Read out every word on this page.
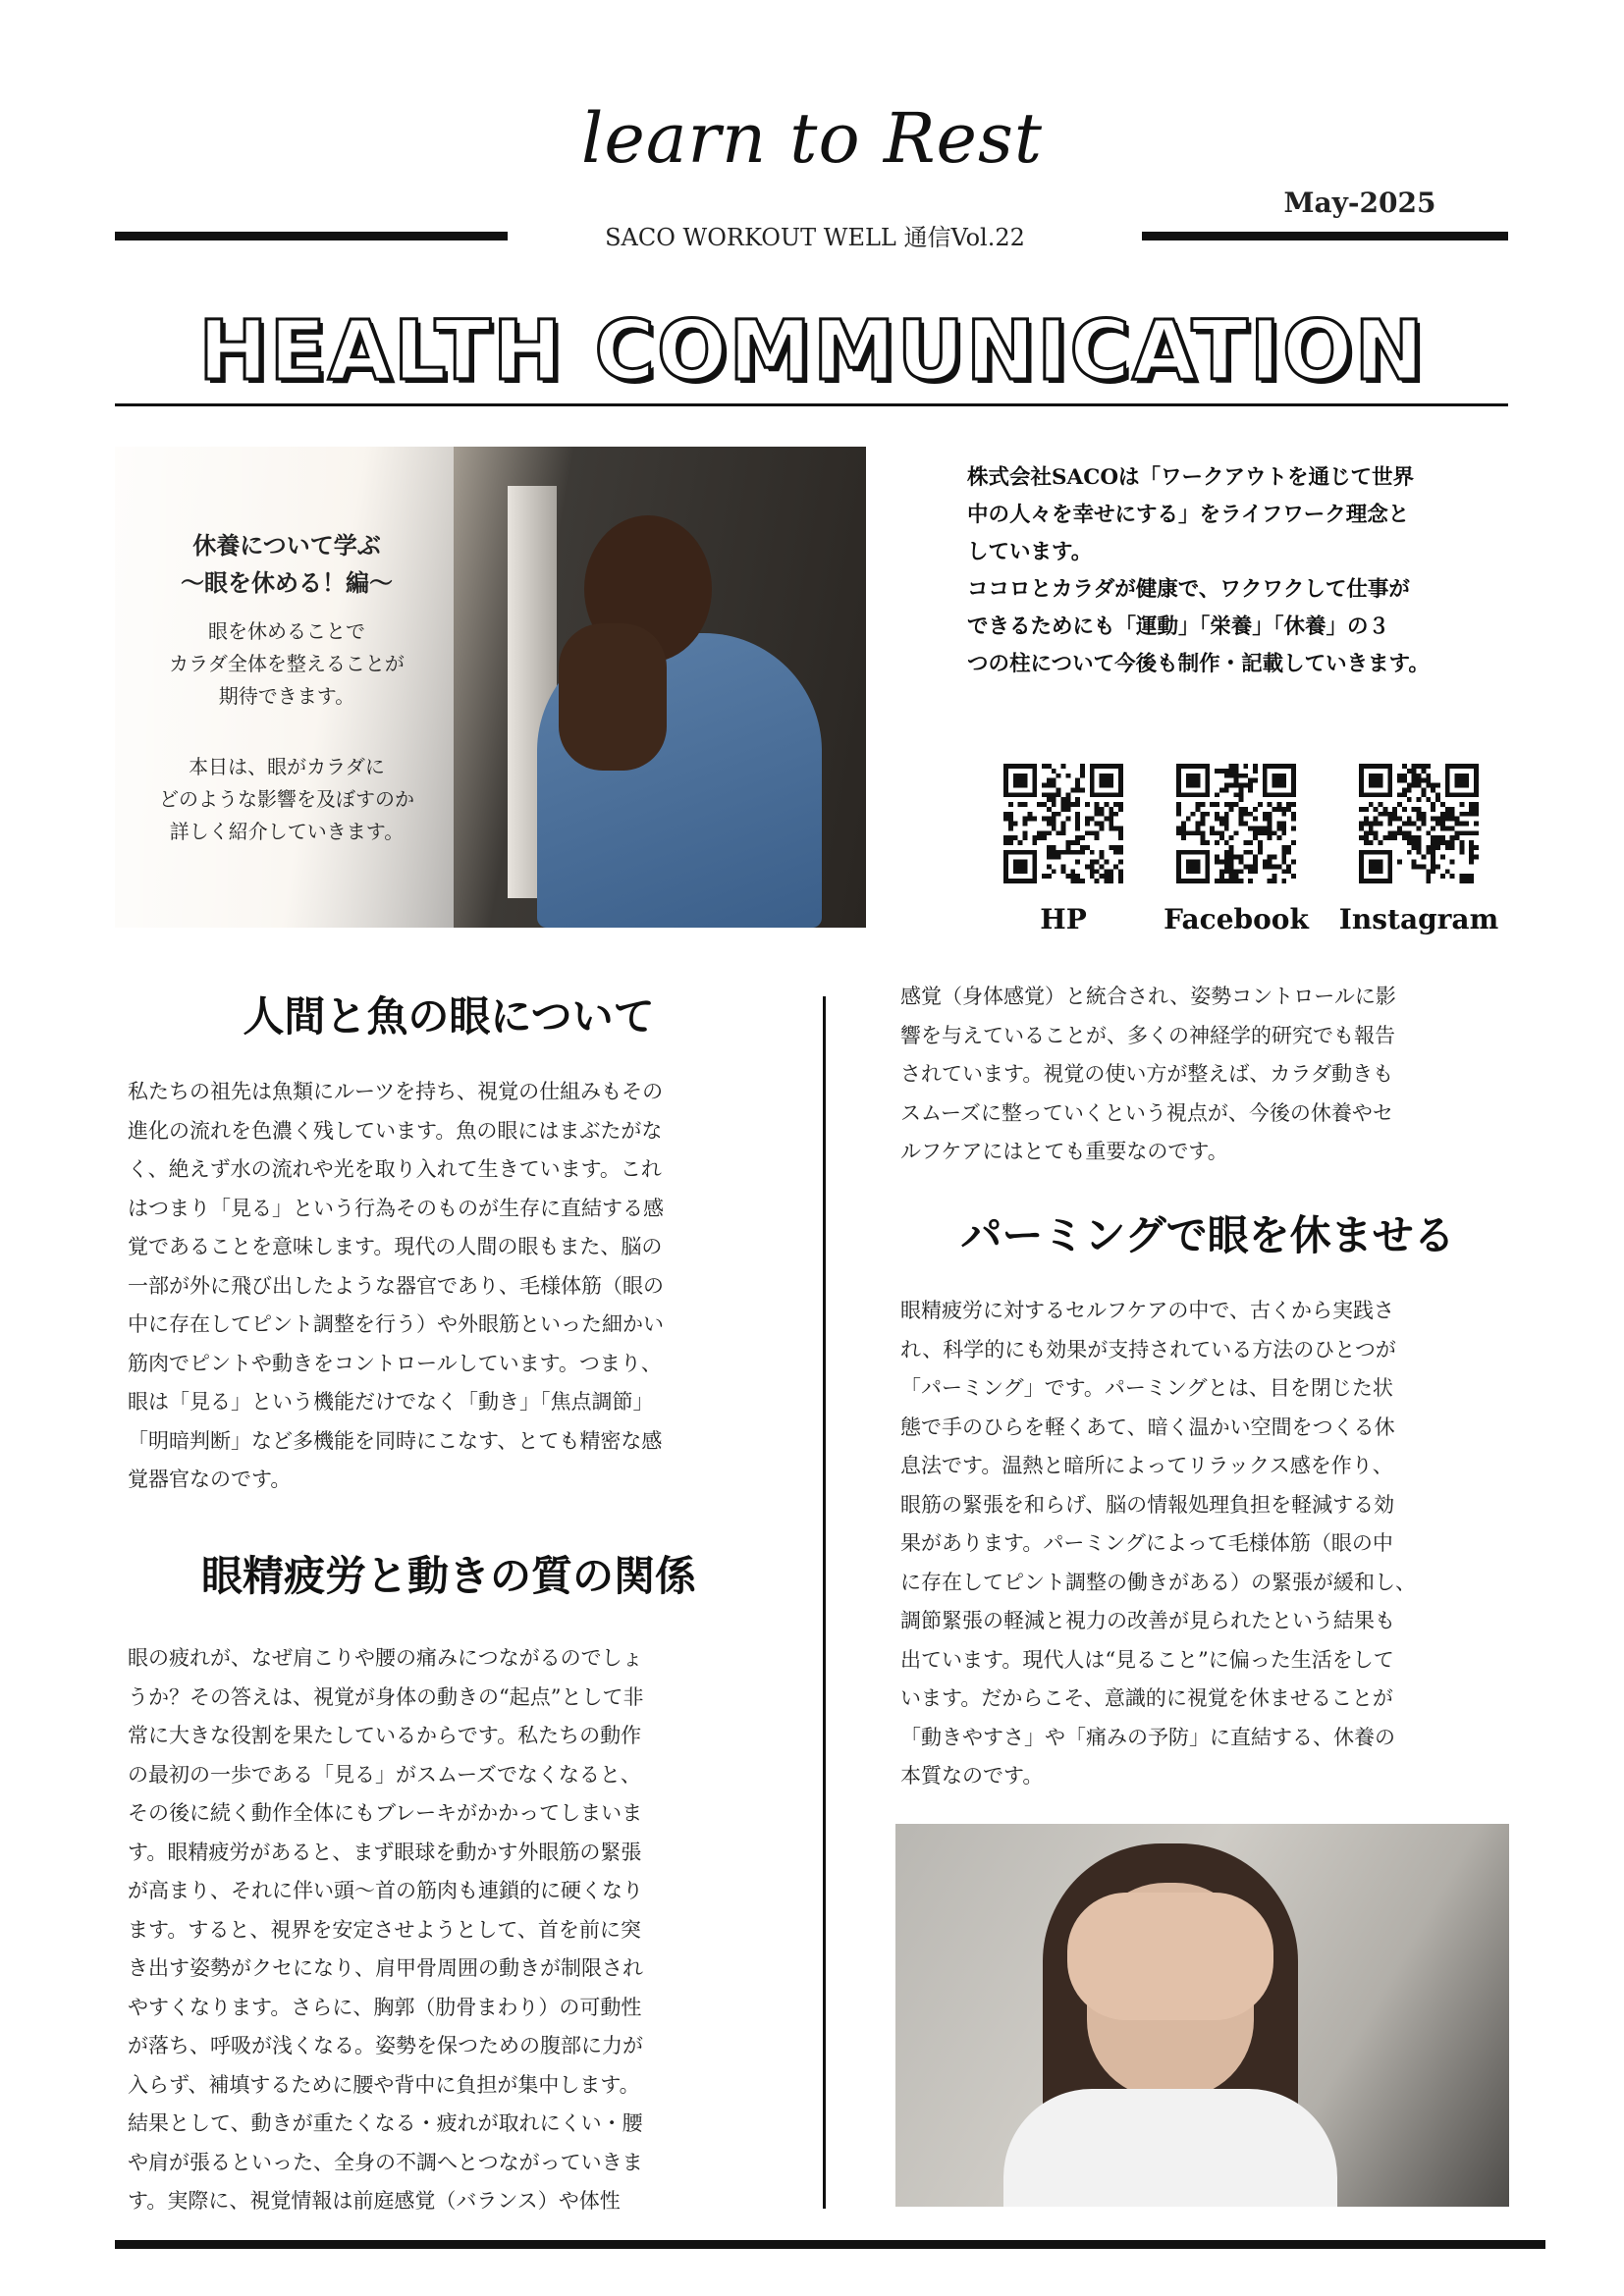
learn to Rest
May-2025
SACO WORKOUT WELL 通信Vol.22
HEALTH COMMUNICATION
休養について学ぶ
〜眼を休める！編〜
眼を休めることで
カラダ全体を整えることが
期待できます。
本日は、眼がカラダに
どのような影響を及ぼすのか
詳しく紹介していきます。
株式会社SACOは「ワークアウトを通じて世界
中の人々を幸せにする」をライフワーク理念と
しています。
ココロとカラダが健康で、ワクワクして仕事が
できるためにも「運動」「栄養」「休養」の３
つの柱について今後も制作・記載していきます。
HP	Facebook	Instagram
人間と魚の眼について
私たちの祖先は魚類にルーツを持ち、視覚の仕組みもその
進化の流れを色濃く残しています。魚の眼にはまぶたがな
く、絶えず水の流れや光を取り入れて生きています。これ
はつまり「見る」という行為そのものが生存に直結する感
覚であることを意味します。現代の人間の眼もまた、脳の
一部が外に飛び出したような器官であり、毛様体筋（眼の
中に存在してピント調整を行う）や外眼筋といった細かい
筋肉でピントや動きをコントロールしています。つまり、
眼は「見る」という機能だけでなく「動き」「焦点調節」
「明暗判断」など多機能を同時にこなす、とても精密な感
覚器官なのです。
眼精疲労と動きの質の関係
眼の疲れが、なぜ肩こりや腰の痛みにつながるのでしょ
うか？その答えは、視覚が身体の動きの“起点”として非
常に大きな役割を果たしているからです。私たちの動作
の最初の一歩である「見る」がスムーズでなくなると、
その後に続く動作全体にもブレーキがかかってしまいま
す。眼精疲労があると、まず眼球を動かす外眼筋の緊張
が高まり、それに伴い頭〜首の筋肉も連鎖的に硬くなり
ます。すると、視界を安定させようとして、首を前に突
き出す姿勢がクセになり、肩甲骨周囲の動きが制限され
やすくなります。さらに、胸郭（肋骨まわり）の可動性
が落ち、呼吸が浅くなる。姿勢を保つための腹部に力が
入らず、補填するために腰や背中に負担が集中します。
結果として、動きが重たくなる・疲れが取れにくい・腰
や肩が張るといった、全身の不調へとつながっていきま
す。実際に、視覚情報は前庭感覚（バランス）や体性
感覚（身体感覚）と統合され、姿勢コントロールに影
響を与えていることが、多くの神経学的研究でも報告
されています。視覚の使い方が整えば、カラダ動きも
スムーズに整っていくという視点が、今後の休養やセ
ルフケアにはとても重要なのです。
パーミングで眼を休ませる
眼精疲労に対するセルフケアの中で、古くから実践さ
れ、科学的にも効果が支持されている方法のひとつが
「パーミング」です。パーミングとは、目を閉じた状
態で手のひらを軽くあて、暗く温かい空間をつくる休
息法です。温熱と暗所によってリラックス感を作り、
眼筋の緊張を和らげ、脳の情報処理負担を軽減する効
果があります。パーミングによって毛様体筋（眼の中
に存在してピント調整の働きがある）の緊張が緩和し、
調節緊張の軽減と視力の改善が見られたという結果も
出ています。現代人は“見ること”に偏った生活をして
います。だからこそ、意識的に視覚を休ませることが
「動きやすさ」や「痛みの予防」に直結する、休養の
本質なのです。
